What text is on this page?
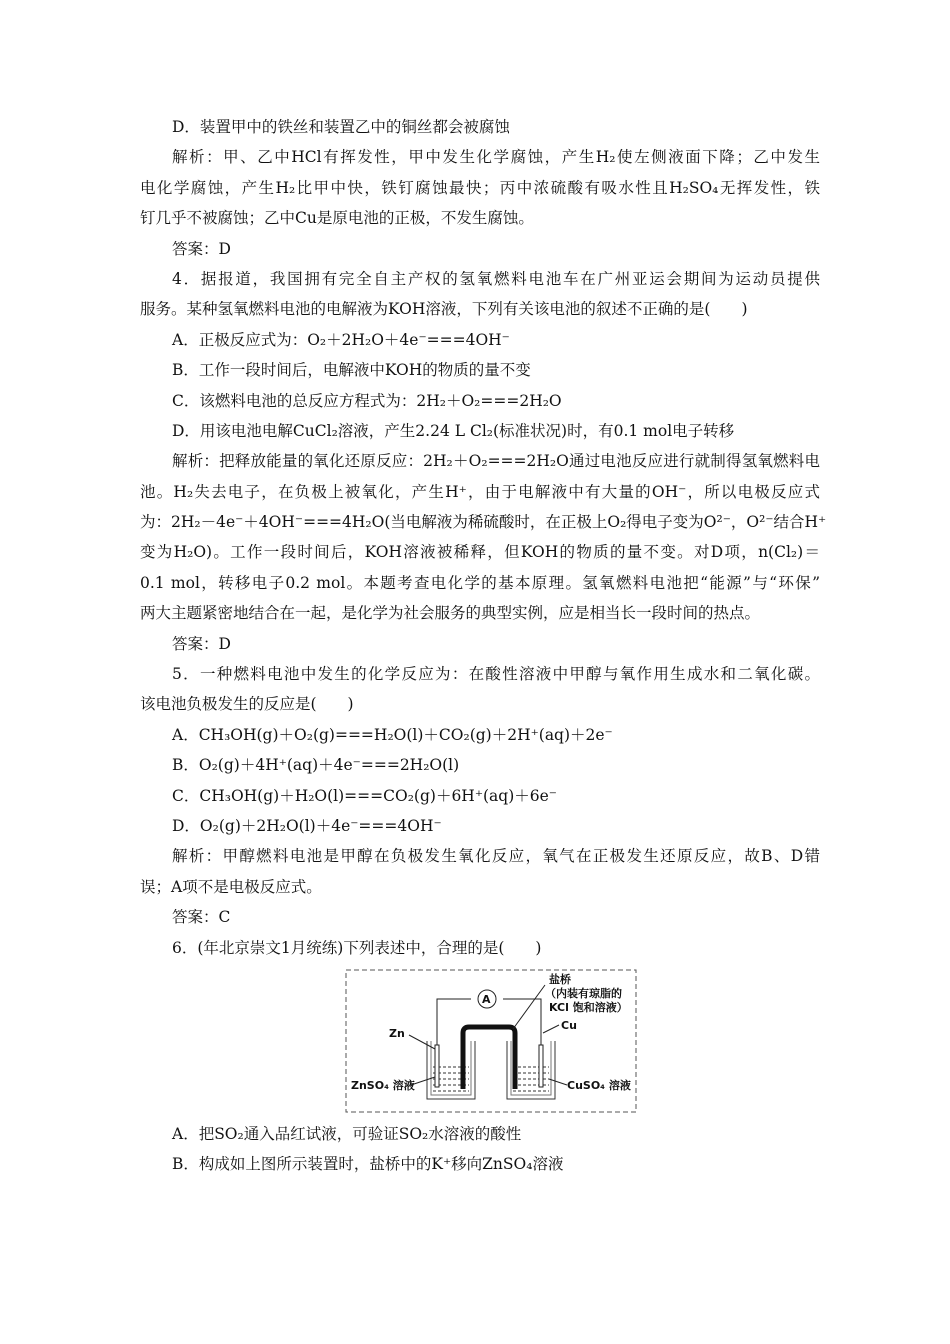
D．装置甲中的铁丝和装置乙中的铜丝都会被腐蚀
解析：甲、乙中HCl有挥发性，甲中发生化学腐蚀，产生H₂使左侧液面下降；乙中发生
电化学腐蚀，产生H₂比甲中快，铁钉腐蚀最快；丙中浓硫酸有吸水性且H₂SO₄无挥发性，铁
钉几乎不被腐蚀；乙中Cu是原电池的正极，不发生腐蚀。
答案：D
4．据报道，我国拥有完全自主产权的氢氧燃料电池车在广州亚运会期间为运动员提供
服务。某种氢氧燃料电池的电解液为KOH溶液，下列有关该电池的叙述不正确的是(　　)
A．正极反应式为：O₂＋2H₂O＋4e⁻===4OH⁻
B．工作一段时间后，电解液中KOH的物质的量不变
C．该燃料电池的总反应方程式为：2H₂＋O₂===2H₂O
D．用该电池电解CuCl₂溶液，产生2.24 L Cl₂(标准状况)时，有0.1 mol电子转移
解析：把释放能量的氧化还原反应：2H₂＋O₂===2H₂O通过电池反应进行就制得氢氧燃料电
池。H₂失去电子，在负极上被氧化，产生H⁺，由于电解液中有大量的OH⁻，所以电极反应式
为：2H₂－4e⁻＋4OH⁻===4H₂O(当电解液为稀硫酸时，在正极上O₂得电子变为O²⁻，O²⁻结合H⁺
变为H₂O)。工作一段时间后，KOH溶液被稀释，但KOH的物质的量不变。对D项，n(Cl₂)＝
0.1 mol，转移电子0.2 mol。本题考查电化学的基本原理。氢氧燃料电池把“能源”与“环保”
两大主题紧密地结合在一起，是化学为社会服务的典型实例，应是相当长一段时间的热点。
答案：D
5．一种燃料电池中发生的化学反应为：在酸性溶液中甲醇与氧作用生成水和二氧化碳。
该电池负极发生的反应是(　　)
A．CH₃OH(g)＋O₂(g)===H₂O(l)＋CO₂(g)＋2H⁺(aq)＋2e⁻
B．O₂(g)＋4H⁺(aq)＋4e⁻===2H₂O(l)
C．CH₃OH(g)＋H₂O(l)===CO₂(g)＋6H⁺(aq)＋6e⁻
D．O₂(g)＋2H₂O(l)＋4e⁻===4OH⁻
解析：甲醇燃料电池是甲醇在负极发生氧化反应，氧气在正极发生还原反应，故B、D错
误；A项不是电极反应式。
答案：C
6．(年北京崇文1月统练)下列表述中，合理的是(　　)
A
盐桥
（内装有琼脂的
KCl 饱和溶液）
Zn
Cu
ZnSO₄ 溶液	CuSO₄ 溶液
A．把SO₂通入品红试液，可验证SO₂水溶液的酸性
B．构成如上图所示装置时，盐桥中的K⁺移向ZnSO₄溶液
